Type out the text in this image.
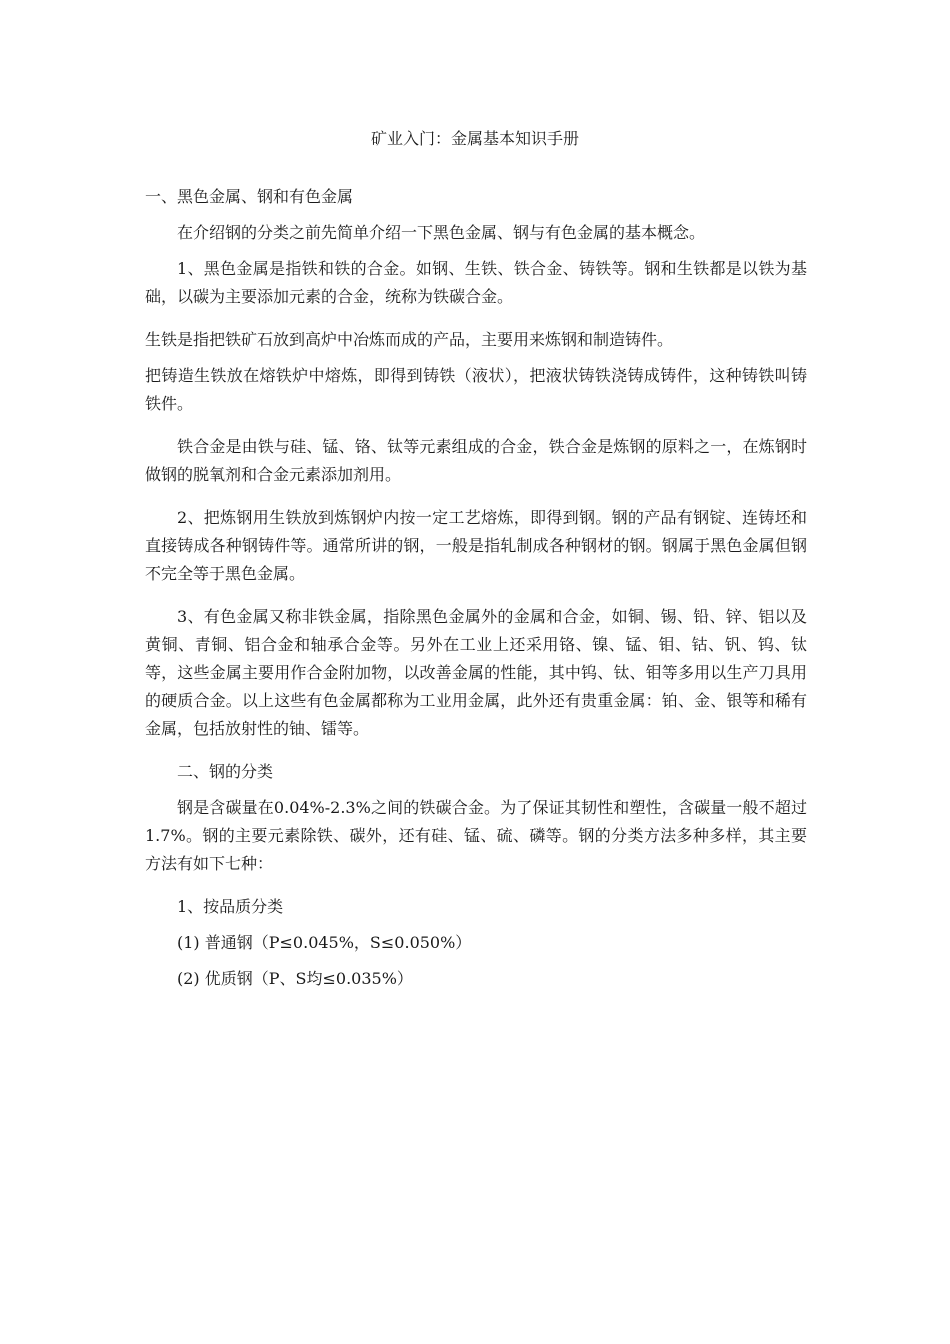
矿业入门：金属基本知识手册

一、黑色金属、钢和有色金属

在介绍钢的分类之前先简单介绍一下黑色金属、钢与有色金属的基本概念。

1、黑色金属是指铁和铁的合金。如钢、生铁、铁合金、铸铁等。钢和生铁都是以铁为基础，以碳为主要添加元素的合金，统称为铁碳合金。

生铁是指把铁矿石放到高炉中冶炼而成的产品，主要用来炼钢和制造铸件。

把铸造生铁放在熔铁炉中熔炼，即得到铸铁（液状），把液状铸铁浇铸成铸件，这种铸铁叫铸铁件。

铁合金是由铁与硅、锰、铬、钛等元素组成的合金，铁合金是炼钢的原料之一，在炼钢时做钢的脱氧剂和合金元素添加剂用。

2、把炼钢用生铁放到炼钢炉内按一定工艺熔炼，即得到钢。钢的产品有钢锭、连铸坯和直接铸成各种钢铸件等。通常所讲的钢，一般是指轧制成各种钢材的钢。钢属于黑色金属但钢不完全等于黑色金属。

3、有色金属又称非铁金属，指除黑色金属外的金属和合金，如铜、锡、铅、锌、铝以及黄铜、青铜、铝合金和轴承合金等。另外在工业上还采用铬、镍、锰、钼、钴、钒、钨、钛等，这些金属主要用作合金附加物，以改善金属的性能，其中钨、钛、钼等多用以生产刀具用的硬质合金。以上这些有色金属都称为工业用金属，此外还有贵重金属：铂、金、银等和稀有金属，包括放射性的铀、镭等。

二、钢的分类

钢是含碳量在0.04%-2.3%之间的铁碳合金。为了保证其韧性和塑性，含碳量一般不超过1.7%。钢的主要元素除铁、碳外，还有硅、锰、硫、磷等。钢的分类方法多种多样，其主要方法有如下七种：

1、按品质分类

(1) 普通钢（P≤0.045%，S≤0.050%）

(2) 优质钢（P、S均≤0.035%）
